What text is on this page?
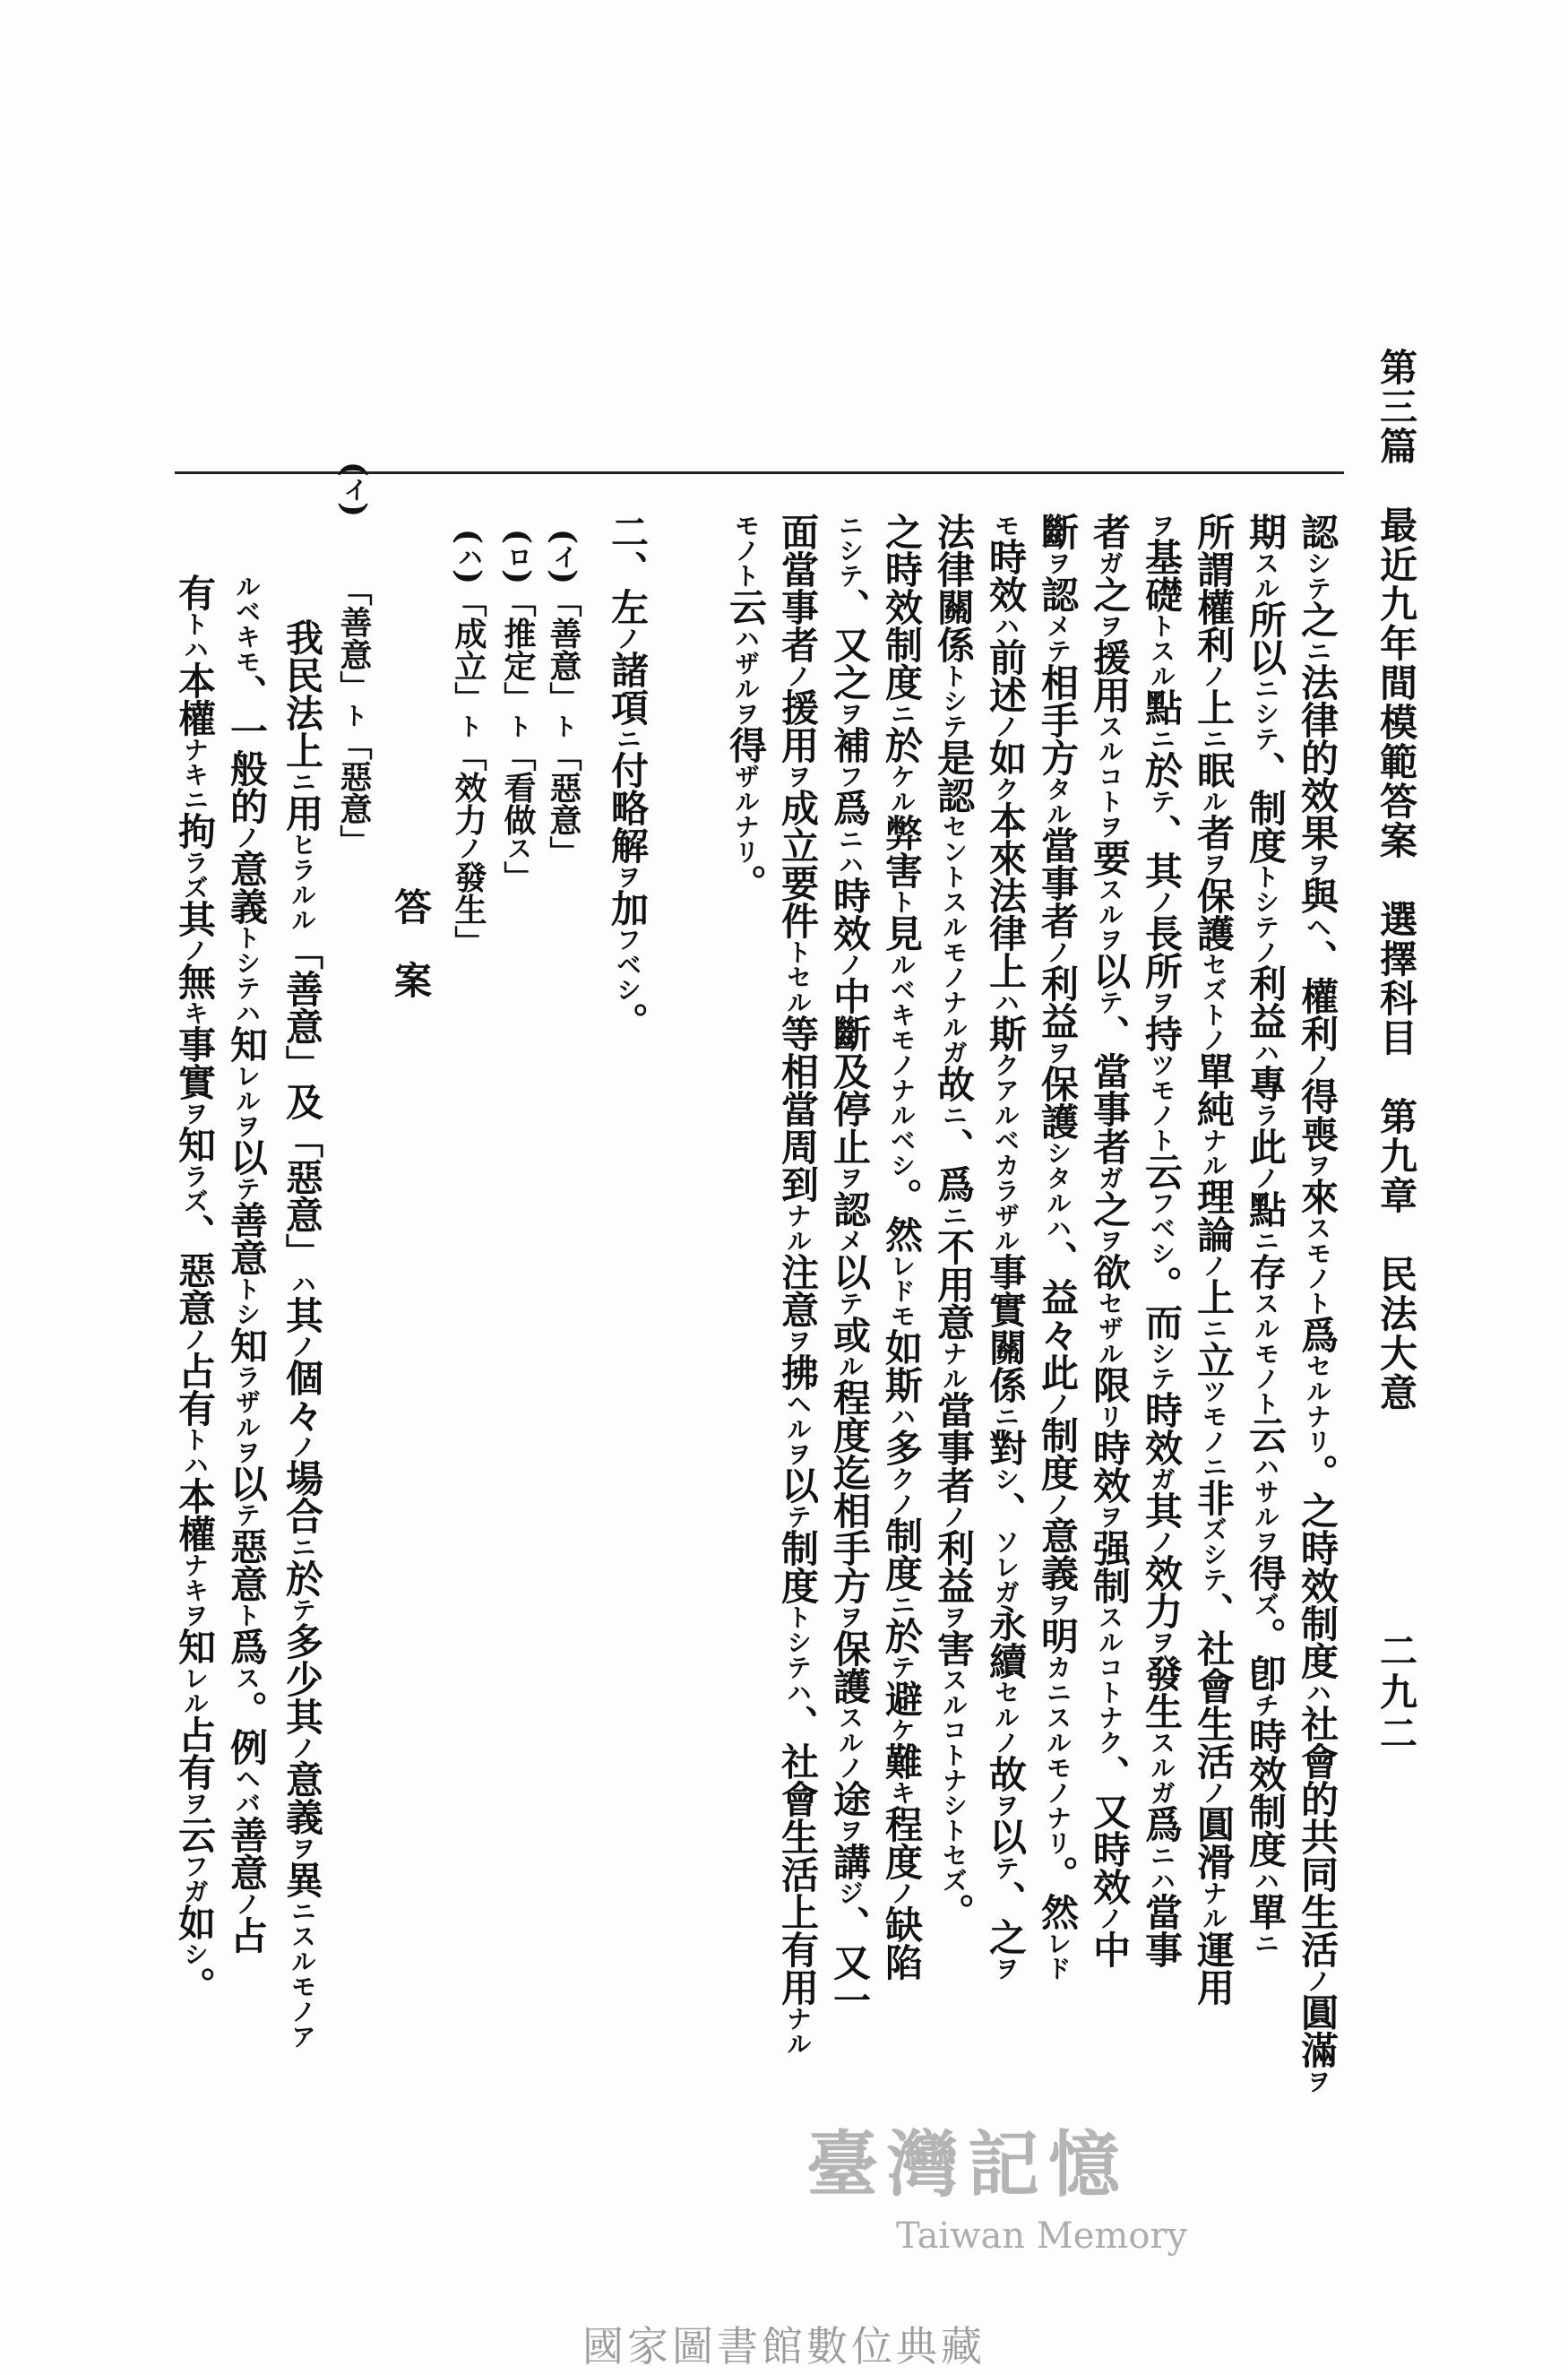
第三篇　最近九年間模範答案　選擇科目　第九章　民法大意
二九二
認シテ之ニ法律的效果ヲ與ヘ、權利ノ得喪ヲ來スモノト爲セルナリ。之時效制度ハ社會的共同生活ノ圓滿ヲ
期スル所以ニシテ、制度トシテノ利益ハ專ラ此ノ點ニ存スルモノト云ハサルヲ得ズ。卽チ時效制度ハ單ニ
所謂權利ノ上ニ眠ル者ヲ保護セズトノ單純ナル理論ノ上ニ立ツモノニ非ズシテ、社會生活ノ圓滑ナル運用
ヲ基礎トスル點ニ於テ、其ノ長所ヲ持ツモノト云フベシ。而シテ時效ガ其ノ效力ヲ發生スルガ爲ニハ當事
者ガ之ヲ援用スルコトヲ要スルヲ以テ、當事者ガ之ヲ欲セザル限リ時效ヲ强制スルコトナク、又時效ノ中
斷ヲ認メテ相手方タル當事者ノ利益ヲ保護シタルハ、益々此ノ制度ノ意義ヲ明カニスルモノナリ。然レド
モ時效ハ前述ノ如ク本來法律上ハ斯クアルベカラザル事實關係ニ對シ、ソレガ永續セルノ故ヲ以テ、之ヲ
法律關係トシテ是認セントスルモノナルガ故ニ、爲ニ不用意ナル當事者ノ利益ヲ害スルコトナシトセズ。
之時效制度ニ於ケル弊害ト見ルベキモノナルベシ。然レドモ如斯ハ多クノ制度ニ於テ避ケ難キ程度ノ缺陷
ニシテ、又之ヲ補フ爲ニハ時效ノ中斷及停止ヲ認メ以テ或ル程度迄相手方ヲ保護スルノ途ヲ講ジ、又一
面當事者ノ援用ヲ成立要件トセル等相當周到ナル注意ヲ拂ヘルヲ以テ制度トシテハ、社會生活上有用ナル
モノト云ハザルヲ得ザルナリ。
二、左ノ諸項ニ付略解ヲ加フベシ。
(イ)「善意」ト「惡意」
(ロ)「推定」ト「看做ス」
(ハ)「成立」ト「效力ノ發生」
答案
(イ)
「善意」ト「惡意」
我民法上ニ用ヒラルル「善意」及「惡意」ハ其ノ個々ノ場合ニ於テ多少其ノ意義ヲ異ニスルモノア
ルベキモ、一般的ノ意義トシテハ知レルヲ以テ善意トシ知ラザルヲ以テ惡意ト爲ス。例ヘバ善意ノ占
有トハ本權ナキニ拘ラズ其ノ無キ事實ヲ知ラズ、惡意ノ占有トハ本權ナキヲ知レル占有ヲ云フガ如シ。
臺灣記憶
Taiwan Memory
國家圖書館數位典藏
